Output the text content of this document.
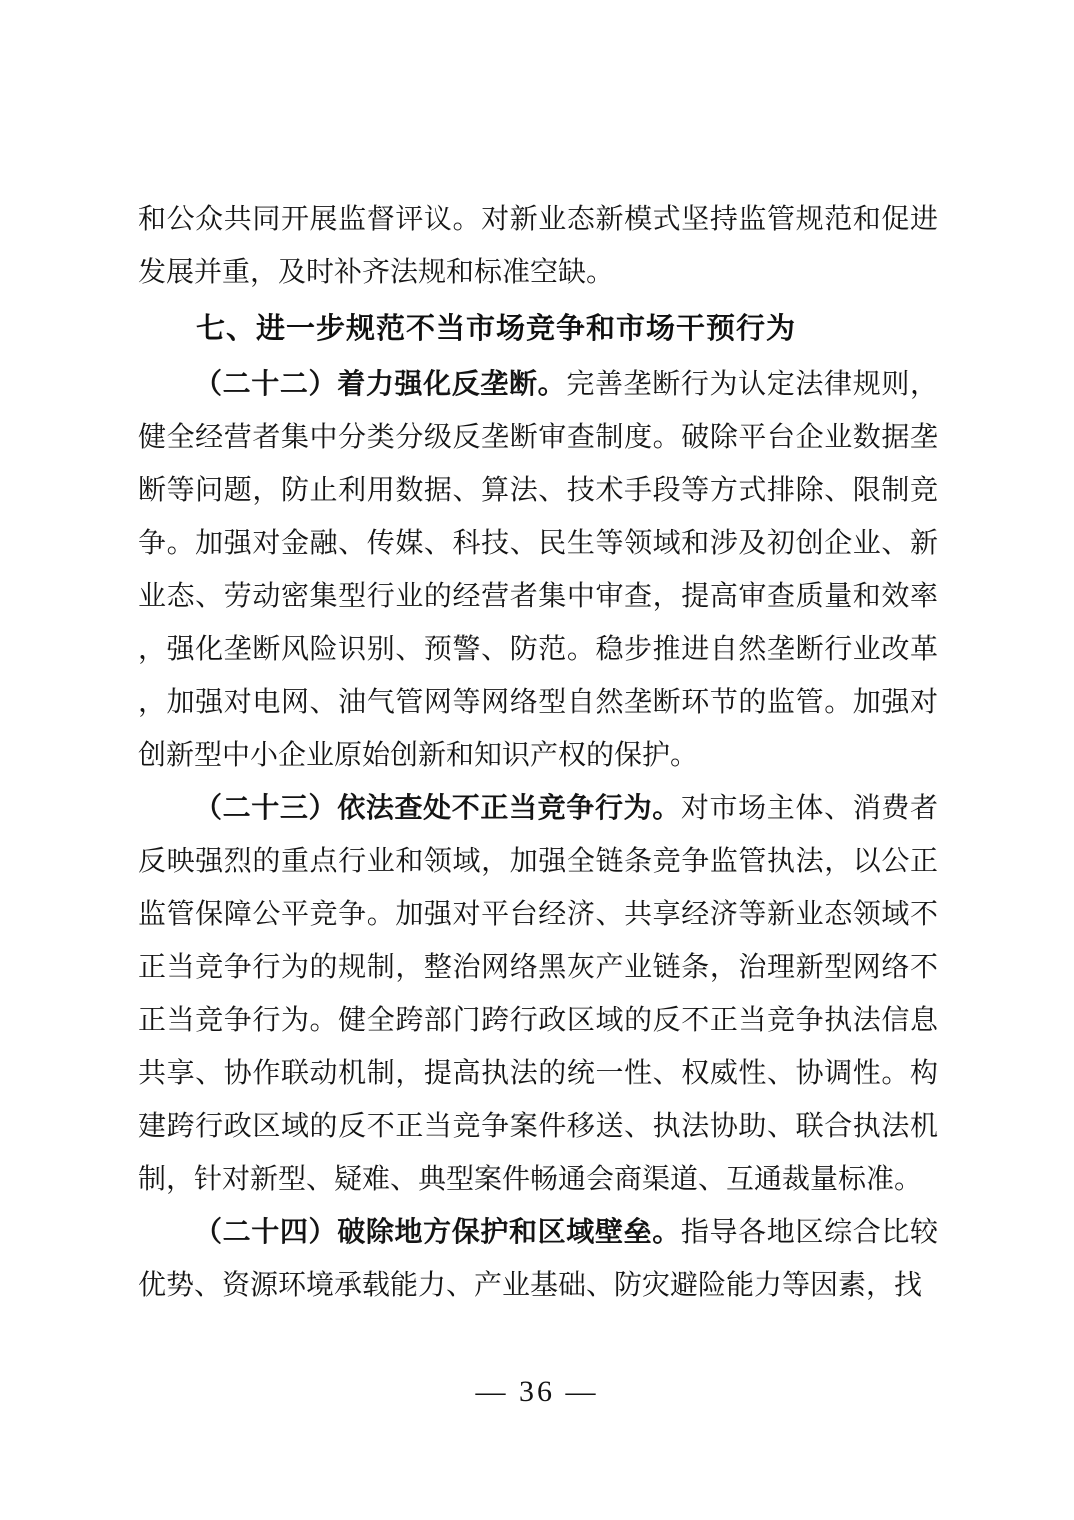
和公众共同开展监督评议。对新业态新模式坚持监管规范和促进发展并重，及时补齐法规和标准空缺。

七、进一步规范不当市场竞争和市场干预行为

（二十二）着力强化反垄断。完善垄断行为认定法律规则，健全经营者集中分类分级反垄断审查制度。破除平台企业数据垄断等问题，防止利用数据、算法、技术手段等方式排除、限制竞争。加强对金融、传媒、科技、民生等领域和涉及初创企业、新业态、劳动密集型行业的经营者集中审查，提高审查质量和效率，强化垄断风险识别、预警、防范。稳步推进自然垄断行业改革，加强对电网、油气管网等网络型自然垄断环节的监管。加强对创新型中小企业原始创新和知识产权的保护。

（二十三）依法查处不正当竞争行为。对市场主体、消费者反映强烈的重点行业和领域，加强全链条竞争监管执法，以公正监管保障公平竞争。加强对平台经济、共享经济等新业态领域不正当竞争行为的规制，整治网络黑灰产业链条，治理新型网络不正当竞争行为。健全跨部门跨行政区域的反不正当竞争执法信息共享、协作联动机制，提高执法的统一性、权威性、协调性。构建跨行政区域的反不正当竞争案件移送、执法协助、联合执法机制，针对新型、疑难、典型案件畅通会商渠道、互通裁量标准。

（二十四）破除地方保护和区域壁垒。指导各地区综合比较优势、资源环境承载能力、产业基础、防灾避险能力等因素，找

— 36 —
